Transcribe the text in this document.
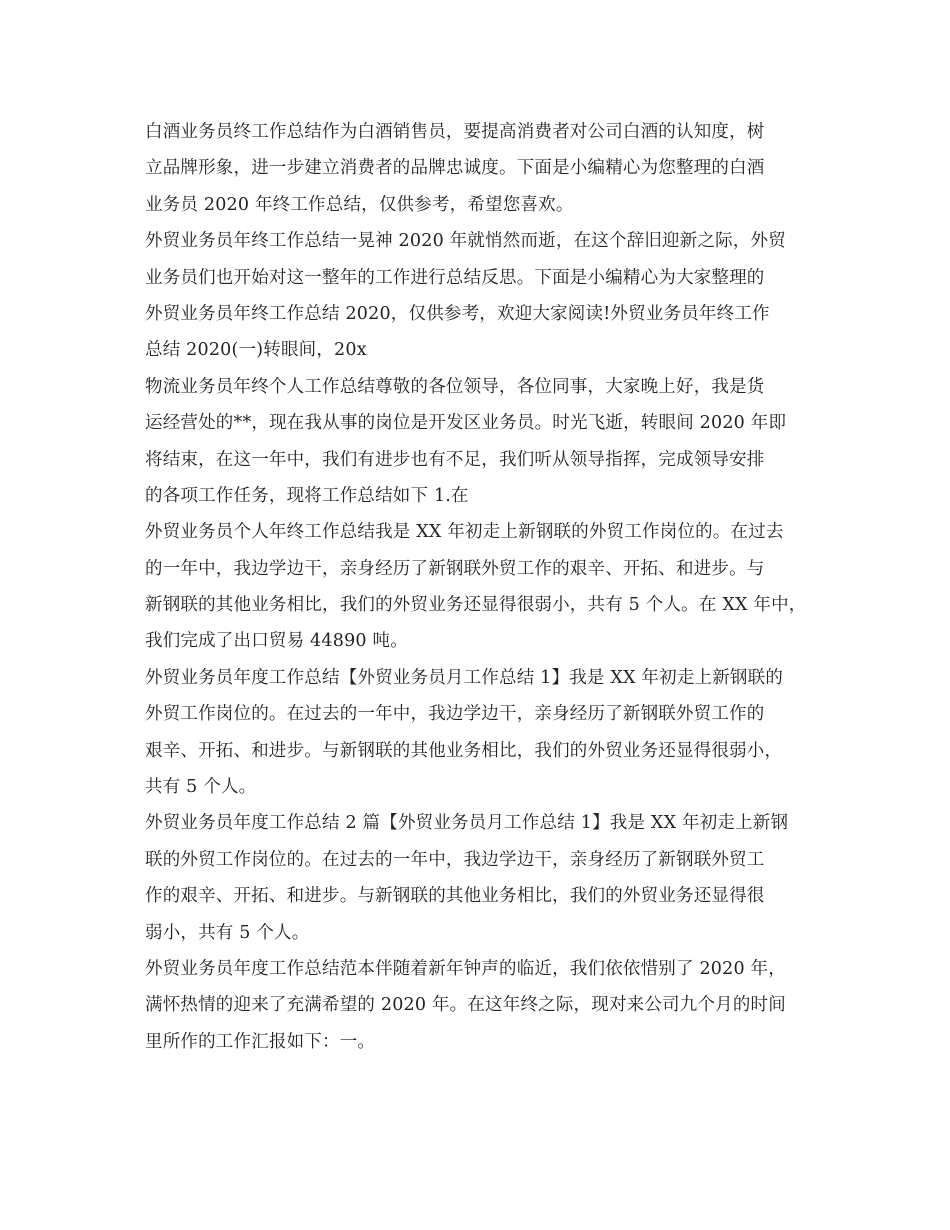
白酒业务员终工作总结作为白酒销售员，要提高消费者对公司白酒的认知度，树
立品牌形象，进一步建立消费者的品牌忠诚度。下面是小编精心为您整理的白酒
业务员 2020 年终工作总结，仅供参考，希望您喜欢。
外贸业务员年终工作总结一晃神 2020 年就悄然而逝，在这个辞旧迎新之际，外贸
业务员们也开始对这一整年的工作进行总结反思。下面是小编精心为大家整理的
外贸业务员年终工作总结 2020，仅供参考，欢迎大家阅读!外贸业务员年终工作
总结 2020(一)转眼间，20x
物流业务员年终个人工作总结尊敬的各位领导，各位同事，大家晚上好，我是货
运经营处的**，现在我从事的岗位是开发区业务员。时光飞逝，转眼间 2020 年即
将结束，在这一年中，我们有进步也有不足，我们听从领导指挥，完成领导安排
的各项工作任务，现将工作总结如下 1.在
外贸业务员个人年终工作总结我是 XX 年初走上新钢联的外贸工作岗位的。在过去
的一年中，我边学边干，亲身经历了新钢联外贸工作的艰辛、开拓、和进步。与
新钢联的其他业务相比，我们的外贸业务还显得很弱小，共有 5 个人。在 XX 年中，
我们完成了出口贸易 44890 吨。
外贸业务员年度工作总结【外贸业务员月工作总结 1】我是 XX 年初走上新钢联的
外贸工作岗位的。在过去的一年中，我边学边干，亲身经历了新钢联外贸工作的
艰辛、开拓、和进步。与新钢联的其他业务相比，我们的外贸业务还显得很弱小，
共有 5 个人。
外贸业务员年度工作总结 2 篇【外贸业务员月工作总结 1】我是 XX 年初走上新钢
联的外贸工作岗位的。在过去的一年中，我边学边干，亲身经历了新钢联外贸工
作的艰辛、开拓、和进步。与新钢联的其他业务相比，我们的外贸业务还显得很
弱小，共有 5 个人。
外贸业务员年度工作总结范本伴随着新年钟声的临近，我们依依惜别了 2020 年，
满怀热情的迎来了充满希望的 2020 年。在这年终之际，现对来公司九个月的时间
里所作的工作汇报如下：一。
